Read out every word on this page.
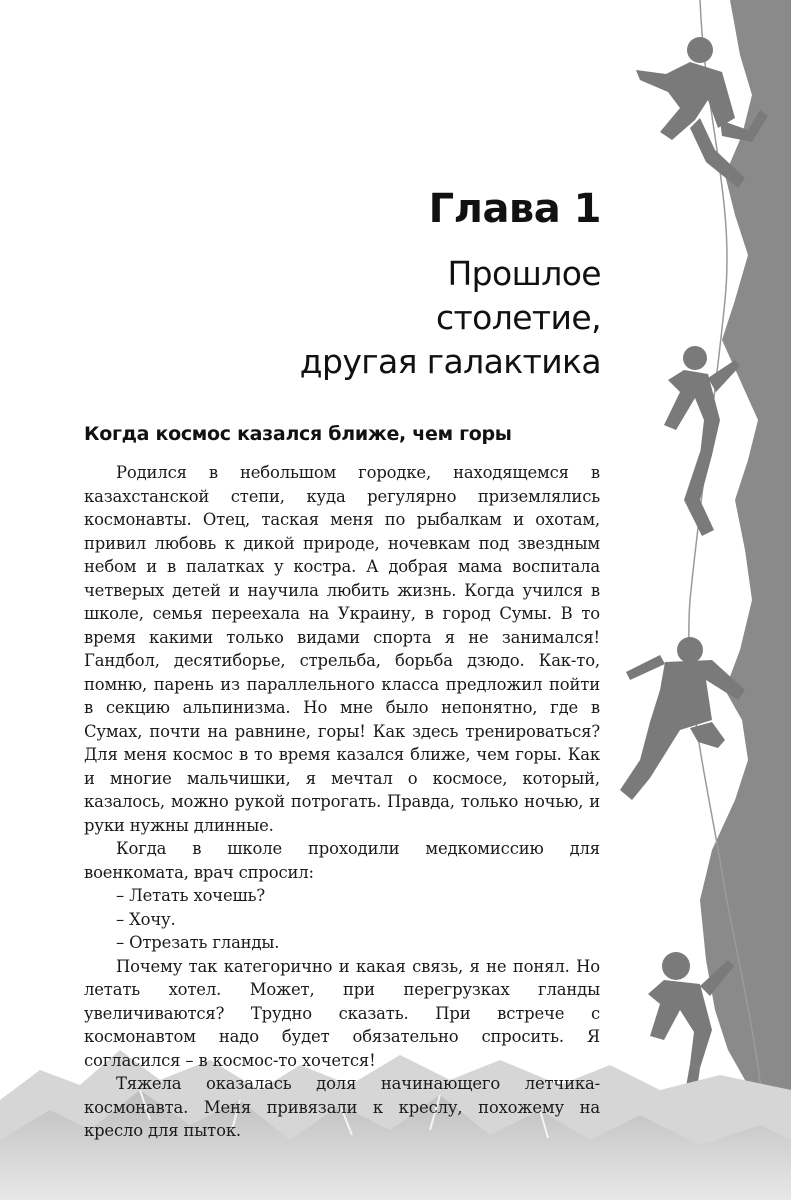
Глава 1
Прошлое
столетие,
другая галактика
Когда космос казался ближе, чем горы

Родился в небольшом городке, находящемся в казахстанской степи, куда регулярно приземлялись космонавты. Отец, таская меня по рыбалкам и охотам, привил любовь к дикой природе, ночевкам под звездным небом и в палатках у костра. А добрая мама воспитала четверых детей и научила любить жизнь. Когда учился в школе, семья переехала на Украину, в город Сумы. В то время какими только видами спорта я не занимался! Гандбол, десятиборье, стрельба, борьба дзюдо. Как-то, помню, парень из параллельного класса предложил пойти в секцию альпинизма. Но мне было непонятно, где в Сумах, почти на равнине, горы! Как здесь тренироваться? Для меня космос в то время казался ближе, чем горы. Как и многие мальчишки, я мечтал о космосе, который, казалось, можно рукой потрогать. Правда, только ночью, и руки нужны длинные.

Когда в школе проходили медкомиссию для военкомата, врач спросил:

– Летать хочешь?

– Хочу.

– Отрезать гланды.

Почему так категорично и какая связь, я не понял. Но летать хотел. Может, при перегрузках гланды увеличиваются? Трудно сказать. При встрече с космонавтом надо будет обязательно спросить. Я согласился – в космос-то хочется!

Тяжела оказалась доля начинающего летчика-космонавта. Меня привязали к креслу, похожему на кресло для пыток.
